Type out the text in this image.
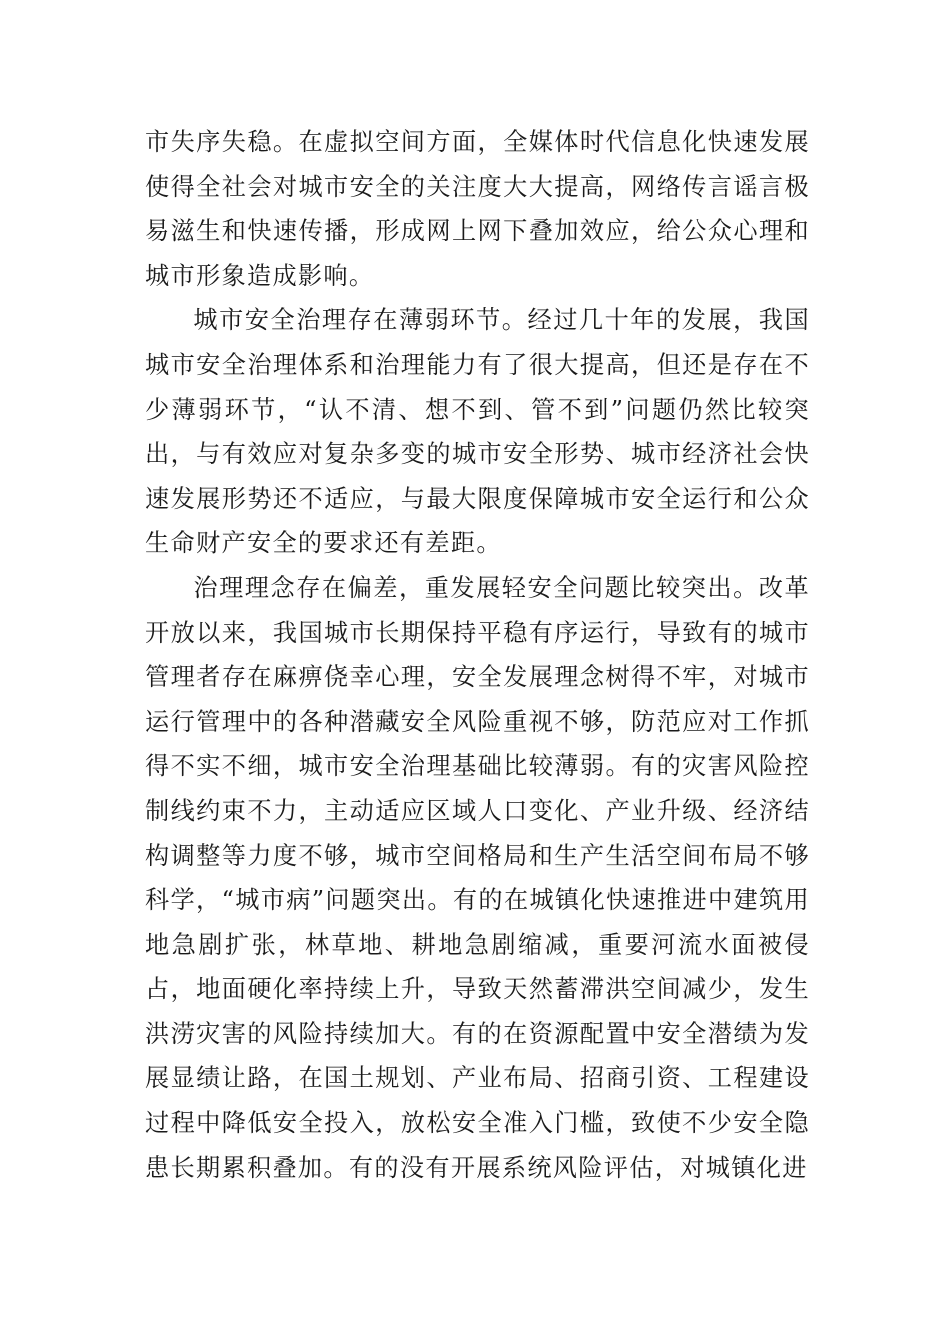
市失序失稳。在虚拟空间方面，全媒体时代信息化快速发展使得全社会对城市安全的关注度大大提高，网络传言谣言极易滋生和快速传播，形成网上网下叠加效应，给公众心理和城市形象造成影响。

城市安全治理存在薄弱环节。经过几十年的发展，我国城市安全治理体系和治理能力有了很大提高，但还是存在不少薄弱环节，“认不清、想不到、管不到”问题仍然比较突出，与有效应对复杂多变的城市安全形势、城市经济社会快速发展形势还不适应，与最大限度保障城市安全运行和公众生命财产安全的要求还有差距。

治理理念存在偏差，重发展轻安全问题比较突出。改革开放以来，我国城市长期保持平稳有序运行，导致有的城市管理者存在麻痹侥幸心理，安全发展理念树得不牢，对城市运行管理中的各种潜藏安全风险重视不够，防范应对工作抓得不实不细，城市安全治理基础比较薄弱。有的灾害风险控制线约束不力，主动适应区域人口变化、产业升级、经济结构调整等力度不够，城市空间格局和生产生活空间布局不够科学，“城市病”问题突出。有的在城镇化快速推进中建筑用地急剧扩张，林草地、耕地急剧缩减，重要河流水面被侵占，地面硬化率持续上升，导致天然蓄滞洪空间减少，发生洪涝灾害的风险持续加大。有的在资源配置中安全潜绩为发展显绩让路，在国土规划、产业布局、招商引资、工程建设过程中降低安全投入，放松安全准入门槛，致使不少安全隐患长期累积叠加。有的没有开展系统风险评估，对城镇化进
